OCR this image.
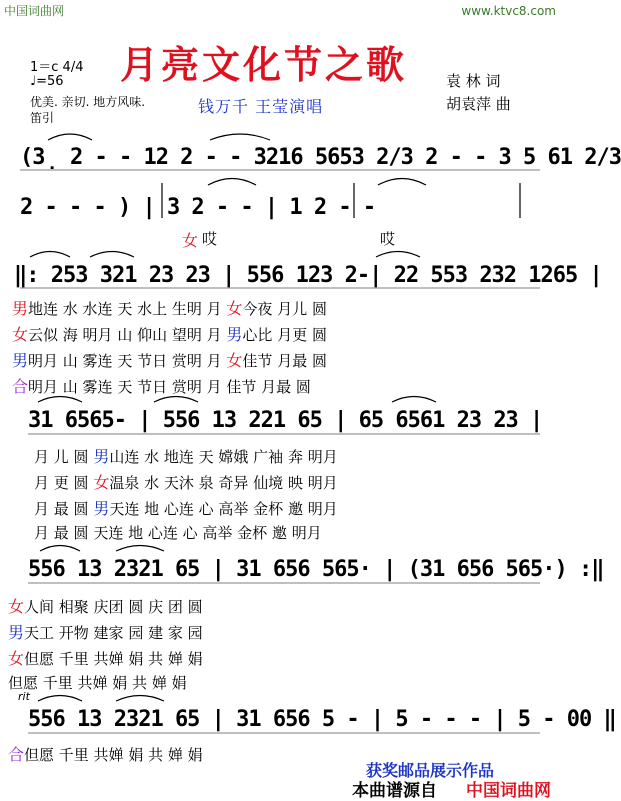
中国词曲网	www.ktvc8.com
月亮文化节之歌
1＝c 4/4
♩=56
优美. 亲切. 地方风味.
笛引
钱万千 王莹演唱
袁 林 词
胡袁萍 曲
(3̣ 2 - - 12 2 - - 3216 5653 2/3 2 - - 3 5 61 2/3
2 - - - ) | 3 2 - - | 1 2 - -
女 哎	哎
‖: 253 321 23 23 | 556 123 2-| 22 553 232 1265 |
男地连 水 水连 天 水上 生明 月 女今夜 月儿 圆
女云似 海 明月 山 仰山 望明 月 男心比 月更 圆
男明月 山 雾连 天 节日 赏明 月 女佳节 月最 圆
合明月 山 雾连 天 节日 赏明 月 佳节 月最 圆
31 6565- | 556 13 221 65 | 65 6561 23 23 |
月 儿 圆 男山连 水 地连 天 嫦娥 广袖 奔 明月
月 更 圆 女温泉 水 天沐 泉 奇异 仙境 映 明月
月 最 圆 男天连 地 心连 心 高举 金杯 邀 明月
月 最 圆 天连 地 心连 心 高举 金杯 邀 明月
556 13 2321 65 | 31 656 565· | (31 656 565·) :‖
女人间 相聚 庆团 圆 庆 团 圆
男天工 开物 建家 园 建 家 园
女但愿 千里 共婵 娟 共 婵 娟
但愿 千里 共婵 娟 共 婵 娟
rit
556 13 2321 65 | 31 656 5 - | 5 - - - | 5 - 00 ‖
合但愿 千里 共婵 娟 共 婵 娟
获奖邮品展示作品
本曲谱源自 中国词曲网
